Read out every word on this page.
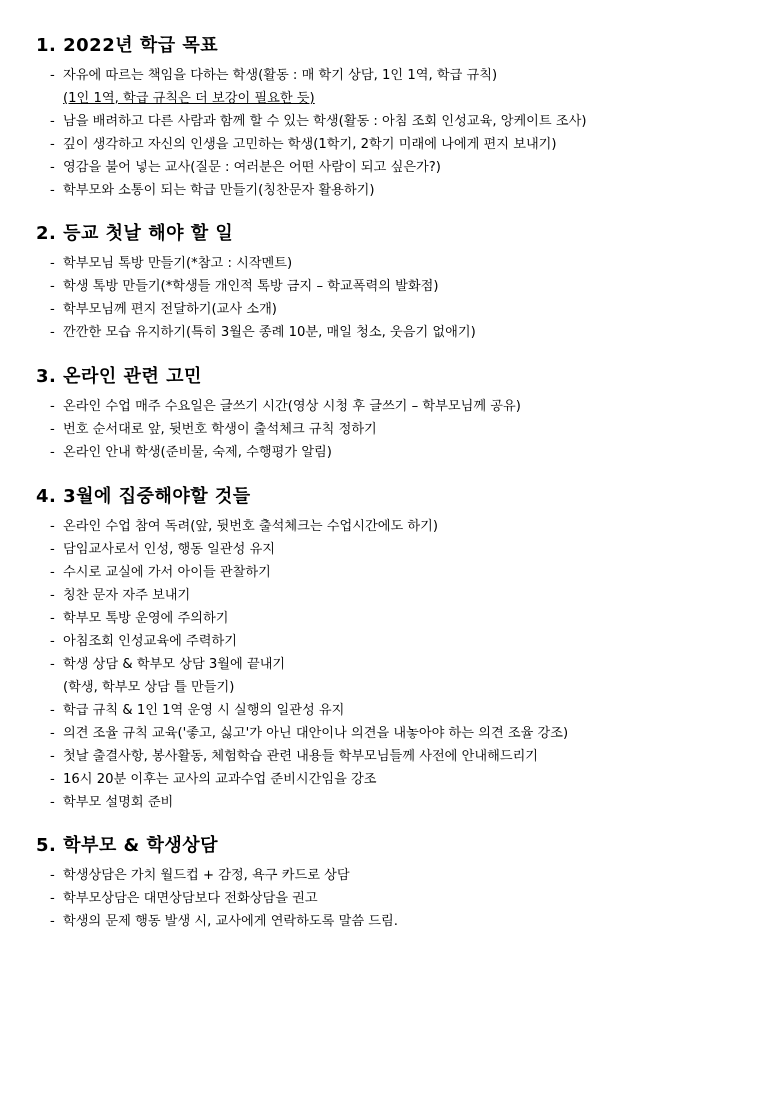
1. 2022년 학급 목표
- 자유에 따르는 책임을 다하는 학생(활동 : 매 학기 상담, 1인 1역, 학급 규칙)
(1인 1역, 학급 규칙은 더 보강이 필요한 듯)
- 남을 배려하고 다른 사람과 함께 할 수 있는 학생(활동 : 아침 조회 인성교육, 앙케이트 조사)
- 깊이 생각하고 자신의 인생을 고민하는 학생(1학기, 2학기 미래에 나에게 편지 보내기)
- 영감을 불어 넣는 교사(질문 : 여러분은 어떤 사람이 되고 싶은가?)
- 학부모와 소통이 되는 학급 만들기(칭찬문자 활용하기)
2. 등교 첫날 해야 할 일
- 학부모님 톡방 만들기(*참고 : 시작멘트)
- 학생 톡방 만들기(*학생들 개인적 톡방 금지 – 학교폭력의 발화점)
- 학부모님께 편지 전달하기(교사 소개)
- 깐깐한 모습 유지하기(특히 3월은 종례 10분, 매일 청소, 웃음기 없애기)
3. 온라인 관련 고민
- 온라인 수업 매주 수요일은 글쓰기 시간(영상 시청 후 글쓰기 – 학부모님께 공유)
- 번호 순서대로 앞, 뒷번호 학생이 출석체크 규칙 정하기
- 온라인 안내 학생(준비물, 숙제, 수행평가 알림)
4. 3월에 집중해야할 것들
- 온라인 수업 참여 독려(앞, 뒷번호 출석체크는 수업시간에도 하기)
- 담임교사로서 인성, 행동 일관성 유지
- 수시로 교실에 가서 아이들 관찰하기
- 칭찬 문자 자주 보내기
- 학부모 톡방 운영에 주의하기
- 아침조회 인성교육에 주력하기
- 학생 상담 & 학부모 상담 3월에 끝내기
(학생, 학부모 상담 틀 만들기)
- 학급 규칙 & 1인 1역 운영 시 실행의 일관성 유지
- 의견 조율 규칙 교육('좋고, 싫고'가 아닌 대안이나 의견을 내놓아야 하는 의견 조율 강조)
- 첫날 출결사항, 봉사활동, 체험학습 관련 내용들 학부모님들께 사전에 안내해드리기
- 16시 20분 이후는 교사의 교과수업 준비시간임을 강조
- 학부모 설명회 준비
5. 학부모 & 학생상담
- 학생상담은 가치 월드컵 + 감정, 욕구 카드로 상담
- 학부모상담은 대면상담보다 전화상담을 권고
- 학생의 문제 행동 발생 시, 교사에게 연락하도록 말씀 드림.
